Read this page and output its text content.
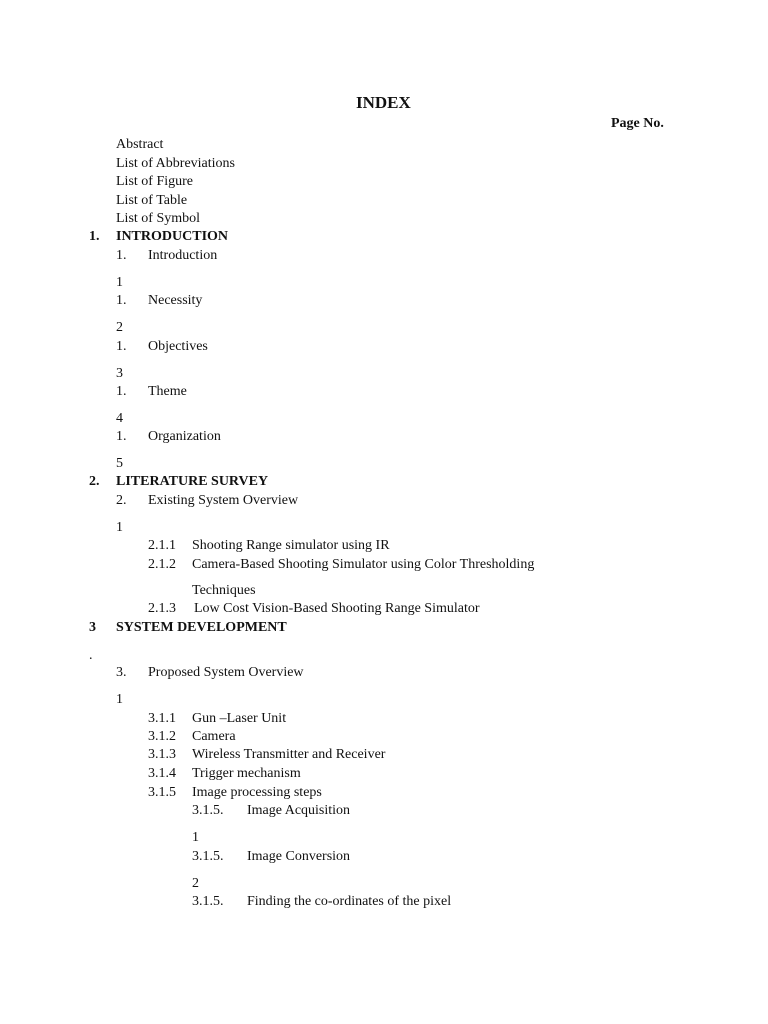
INDEX
Page No.
Abstract
List of Abbreviations
List of Figure
List of Table
List of Symbol
1. INTRODUCTION
1. Introduction
1
1. Necessity
2
1. Objectives
3
1. Theme
4
1. Organization
5
2. LITERATURE SURVEY
2. Existing System Overview
1
2.1.1 Shooting Range simulator using IR
2.1.2 Camera-Based Shooting Simulator using Color Thresholding
Techniques
2.1.3 Low Cost Vision-Based Shooting Range Simulator
3 SYSTEM DEVELOPMENT
.
3. Proposed System Overview
1
3.1.1 Gun –Laser Unit
3.1.2 Camera
3.1.3 Wireless Transmitter and Receiver
3.1.4 Trigger mechanism
3.1.5 Image processing steps
3.1.5. Image Acquisition
1
3.1.5. Image Conversion
2
3.1.5. Finding the co-ordinates of the pixel
